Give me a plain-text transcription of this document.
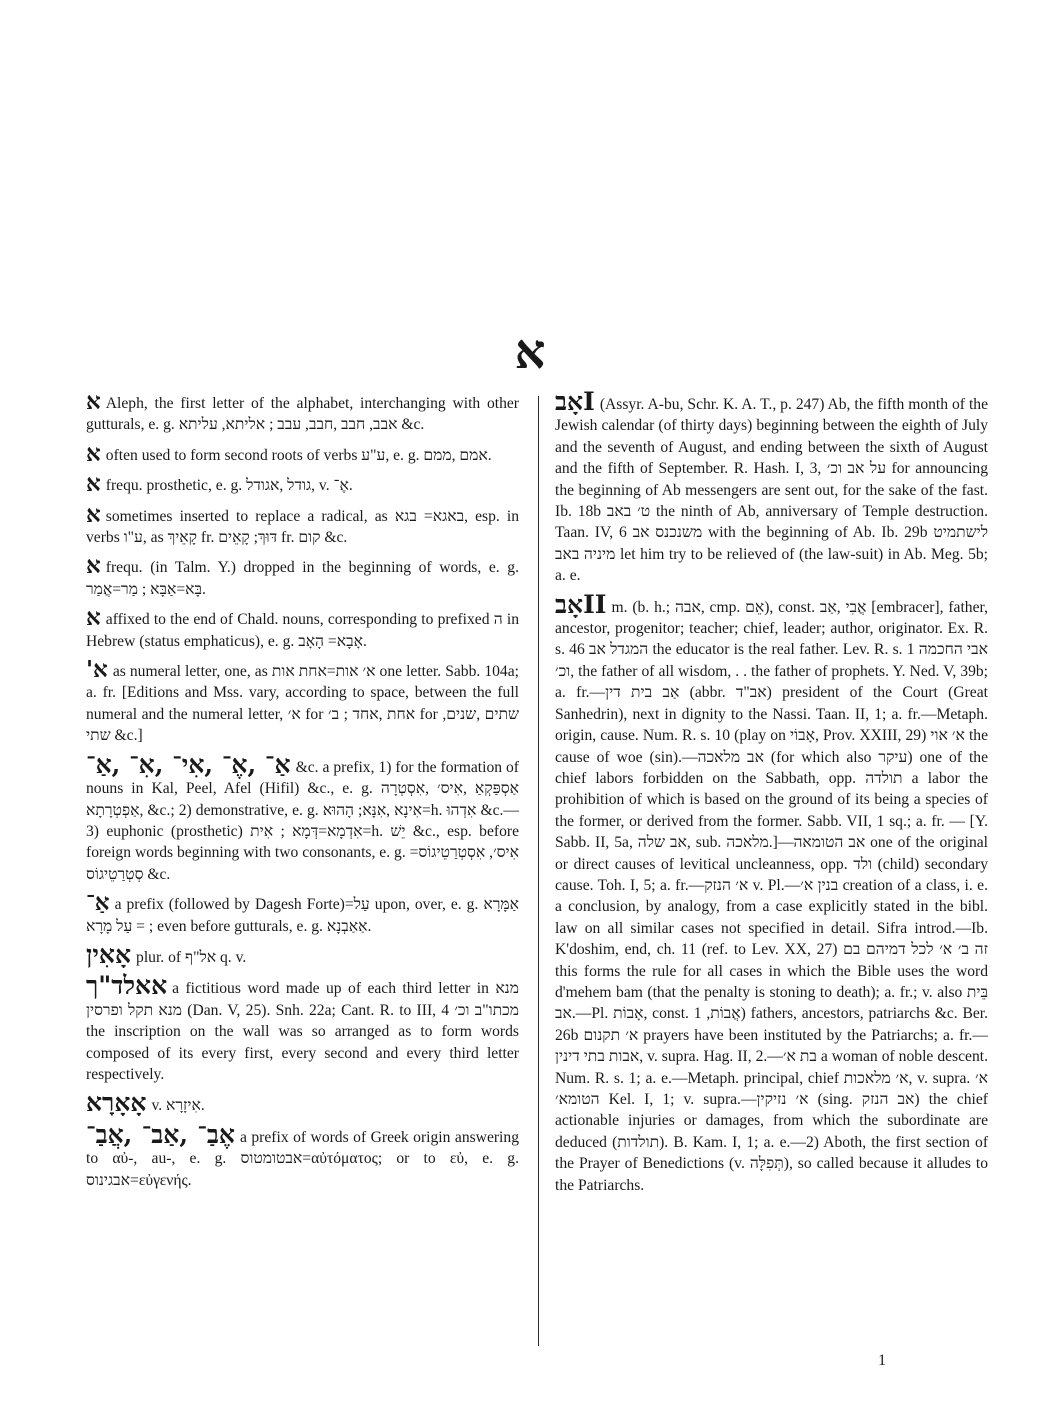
א

א Aleph, the first letter of the alphabet, interchanging with other gutturals, e. g. אבב, חבב ,חבב, עבב ; אליתא, עליתא &c.

א often used to form second roots of verbs ע"ע, e. g. אמם ,ממם.

א frequ. prosthetic, e. g. גודל ,אגודל, v. אֶ־.

א sometimes inserted to replace a radical, as באגא= בגא, esp. in verbs ע"ו, as קָאֵיךְ fr. דּוּךְ; קָאֵים fr. קום &c.

א frequ. (in Talm. Y.) dropped in the beginning of words, e. g. בָּא=אַבָּא ; מַר=אֲמַר.

א affixed to the end of Chald. nouns, corresponding to prefixed ה in Hebrew (status emphaticus), e. g. אָבָא= הָאָב.

'א as numeral letter, one, as א׳ אות=אחת אות one letter. Sabb. 104a; a. fr. [Editions and Mss. vary, according to space, between the full numeral and the numeral letter, א׳ for אחת ,אחד ; ב׳ for שתים ,שנים, שתי &c.]

אַ־ ,אֶ־ ,אִי־ ,אִ־ ,אַ־ &c. a prefix, 1) for the formation of nouns in Kal, Peel, Afel (Hifil) &c., e. g. אַסְפַּקְאַ ,אִיס׳ ,אִסְטְרָה ,אַפְטְרָתָא &c.; 2) demonstrative, e. g. אִינָא ,אִנָּא; הָהוּא=h. אִדְהוּ &c.—3) euphonic (prosthetic) אִדְמָא=דְּמָא ; אִית=h. יֵשׁ &c., esp. before foreign words beginning with two consonants, e. g. אִיס׳, אִסְטְרַטֵיגוֹס= סְטְרַטֵיגוֹס &c.

אַ־ a prefix (followed by Dagesh Forte)=עַל upon, over, e. g. אַמָּרָא = עַל מָרָא ; even before gutturals, e. g. אַאַבְנָא.

אָאִין plur. of אל"ף q. v.

אאלד"ך a fictitious word made up of each third letter in מנא מנא תקל ופרסין (Dan. V, 25). Snh. 22a; Cant. R. to III, 4 מכתו"ב וכ׳ the inscription on the wall was so arranged as to form words composed of its every first, every second and every third letter respectively.

אָאָרָא v. אִיזָרָא.

אֶבַ־ ,אַב־ ,אֲבַ־ a prefix of words of Greek origin answering to αὐ-, au-, e. g. אבטומטוס=αὐτόματος; or to εὐ, e. g. אבגינוס=εὐγενής.

אָבI (Assyr. A-bu, Schr. K. A. T., p. 247) Ab, the fifth month of the Jewish calendar (of thirty days) beginning between the eighth of July and the seventh of August, and ending between the sixth of August and the fifth of September. R. Hash. I, 3, על אב וכ׳ for announcing the beginning of Ab messengers are sent out, for the sake of the fast. Ib. 18b ט׳ באב the ninth of Ab, anniversary of Temple destruction. Taan. IV, 6 משנכנס אב with the beginning of Ab. Ib. 29b לישתמיט מיניה באב let him try to be relieved of (the law-suit) in Ab. Meg. 5b; a. e.

אָבII m. (b. h.; אבה, cmp. אֵם), const. אֲבִי ,אַב [embracer], father, ancestor, progenitor; teacher; chief, leader; author, originator. Ex. R. s. 46 המגדל אב the educator is the real father. Lev. R. s. 1 אבי החכמה וכ׳, the father of all wisdom, . . the father of prophets. Y. Ned. V, 39b; a. fr.—אַב בית דין (abbr. אב"ד) president of the Court (Great Sanhedrin), next in dignity to the Nassi. Taan. II, 1; a. fr.—Metaph. origin, cause. Num. R. s. 10 (play on אָבוֹי, Prov. XXIII, 29) א׳ אוי the cause of woe (sin).—אב מלאכה (for which also עיקר) one of the chief labors forbidden on the Sabbath, opp. תולדה a labor the prohibition of which is based on the ground of its being a species of the former, or derived from the former. Sabb. VII, 1 sq.; a. fr. — [Y. Sabb. II, 5a, אב שלה, sub. מלאכה.]—אב הטומאה one of the original or direct causes of levitical uncleanness, opp. ולד (child) secondary cause. Toh. I, 5; a. fr.—א׳ הנזק v. Pl.—בנין א׳ creation of a class, i. e. a conclusion, by analogy, from a case explicitly stated in the bibl. law on all similar cases not specified in detail. Sifra introd.—Ib. K'doshim, end, ch. 11 (ref. to Lev. XX, 27) זה ב׳ א׳ לכל דמיהם בם this forms the rule for all cases in which the Bible uses the word d'mehem bam (that the penalty is stoning to death); a. fr.; v. also בֵּית אב.—Pl. אָבוֹת, const. אֲבוֹת, 1) fathers, ancestors, patriarchs &c. Ber. 26b א׳ תקנום prayers have been instituted by the Patriarchs; a. fr.—אבות בתי דינין, v. supra. Hag. II, 2.—בת א׳ a woman of noble descent. Num. R. s. 1; a. e.—Metaph. principal, chief א׳ מלאכות, v. supra. א׳ הטומא׳ Kel. I, 1; v. supra.—א׳ נזיקין (sing. אב הנזק) the chief actionable injuries or damages, from which the subordinate are deduced (תולדות). B. Kam. I, 1; a. e.—2) Aboth, the first section of the Prayer of Benedictions (v. תְּפִלָּה), so called because it alludes to the Patriarchs.

1
